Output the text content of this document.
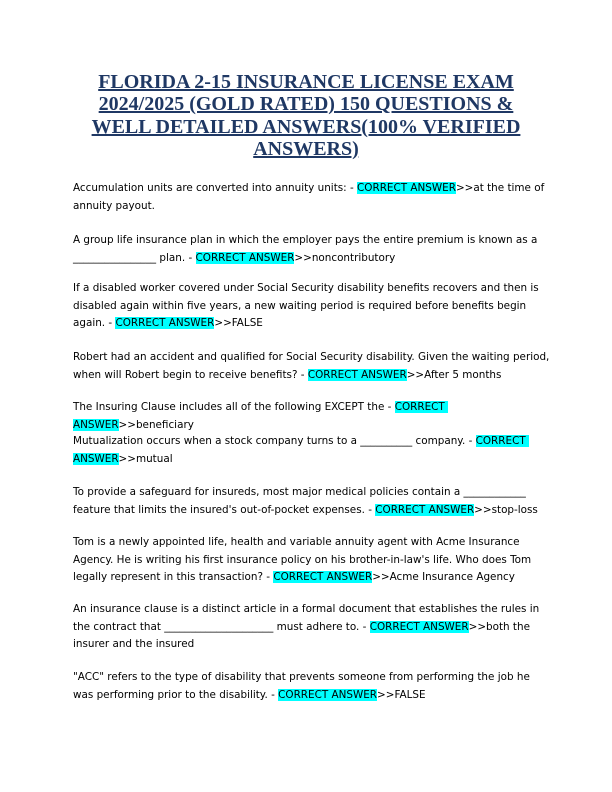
FLORIDA 2-15 INSURANCE LICENSE EXAM 2024/2025 (GOLD RATED) 150 QUESTIONS & WELL DETAILED ANSWERS(100% VERIFIED ANSWERS)

Accumulation units are converted into annuity units: - CORRECT ANSWER>>at the time of annuity payout.

A group life insurance plan in which the employer pays the entire premium is known as a ________________ plan. - CORRECT ANSWER>>noncontributory

If a disabled worker covered under Social Security disability benefits recovers and then is disabled again within five years, a new waiting period is required before benefits begin again. - CORRECT ANSWER>>FALSE

Robert had an accident and qualified for Social Security disability. Given the waiting period, when will Robert begin to receive benefits? - CORRECT ANSWER>>After 5 months

The Insuring Clause includes all of the following EXCEPT the - CORRECT ANSWER>>beneficiary

Mutualization occurs when a stock company turns to a __________ company. - CORRECT ANSWER>>mutual

To provide a safeguard for insureds, most major medical policies contain a ____________ feature that limits the insured's out-of-pocket expenses. - CORRECT ANSWER>>stop-loss

Tom is a newly appointed life, health and variable annuity agent with Acme Insurance Agency. He is writing his first insurance policy on his brother-in-law's life. Who does Tom legally represent in this transaction? - CORRECT ANSWER>>Acme Insurance Agency

An insurance clause is a distinct article in a formal document that establishes the rules in the contract that _____________________ must adhere to. - CORRECT ANSWER>>both the insurer and the insured

"ACC" refers to the type of disability that prevents someone from performing the job he was performing prior to the disability. - CORRECT ANSWER>>FALSE
